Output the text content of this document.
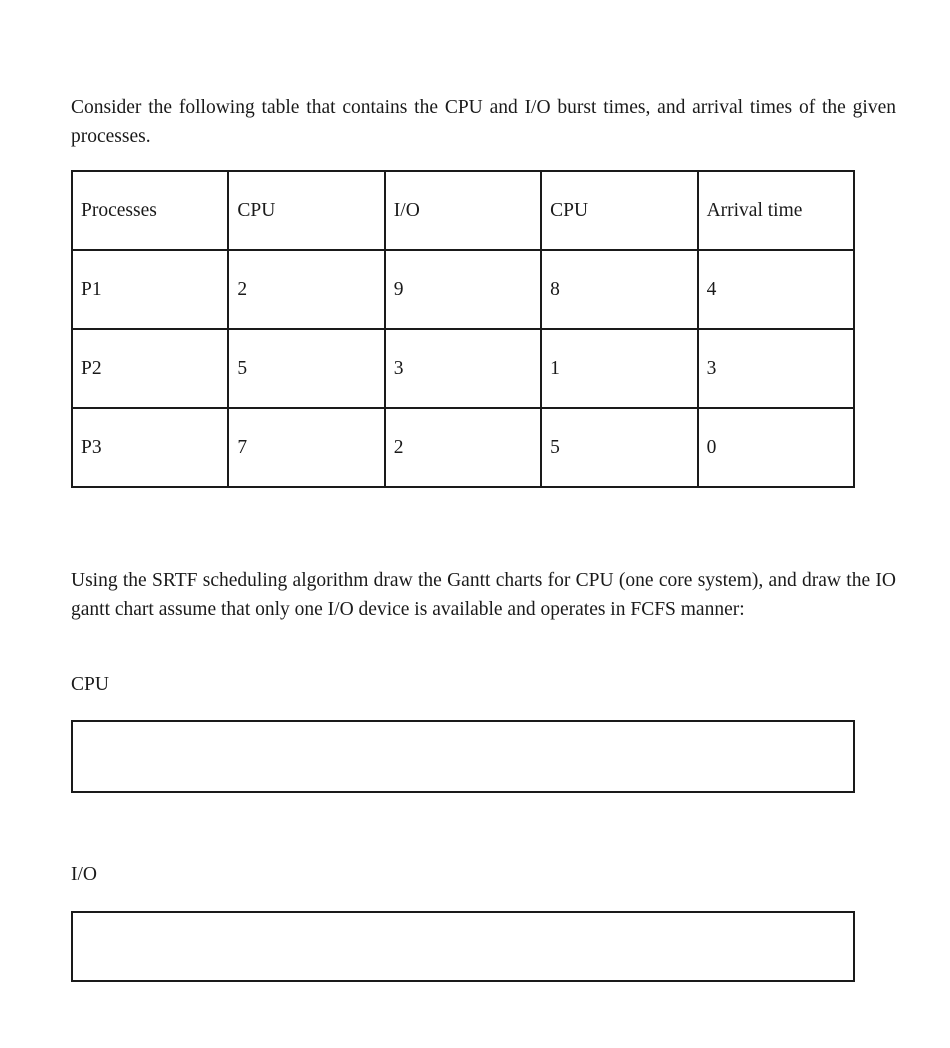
Consider the following table that contains the CPU and I/O burst times, and arrival times of the given processes.

Processes	CPU	I/O	CPU	Arrival time
P1	2	9	8	4
P2	5	3	1	3
P3	7	2	5	0

Using the SRTF scheduling algorithm draw the Gantt charts for CPU (one core system), and draw the IO gantt chart assume that only one I/O device is available and operates in FCFS manner:

CPU

I/O
